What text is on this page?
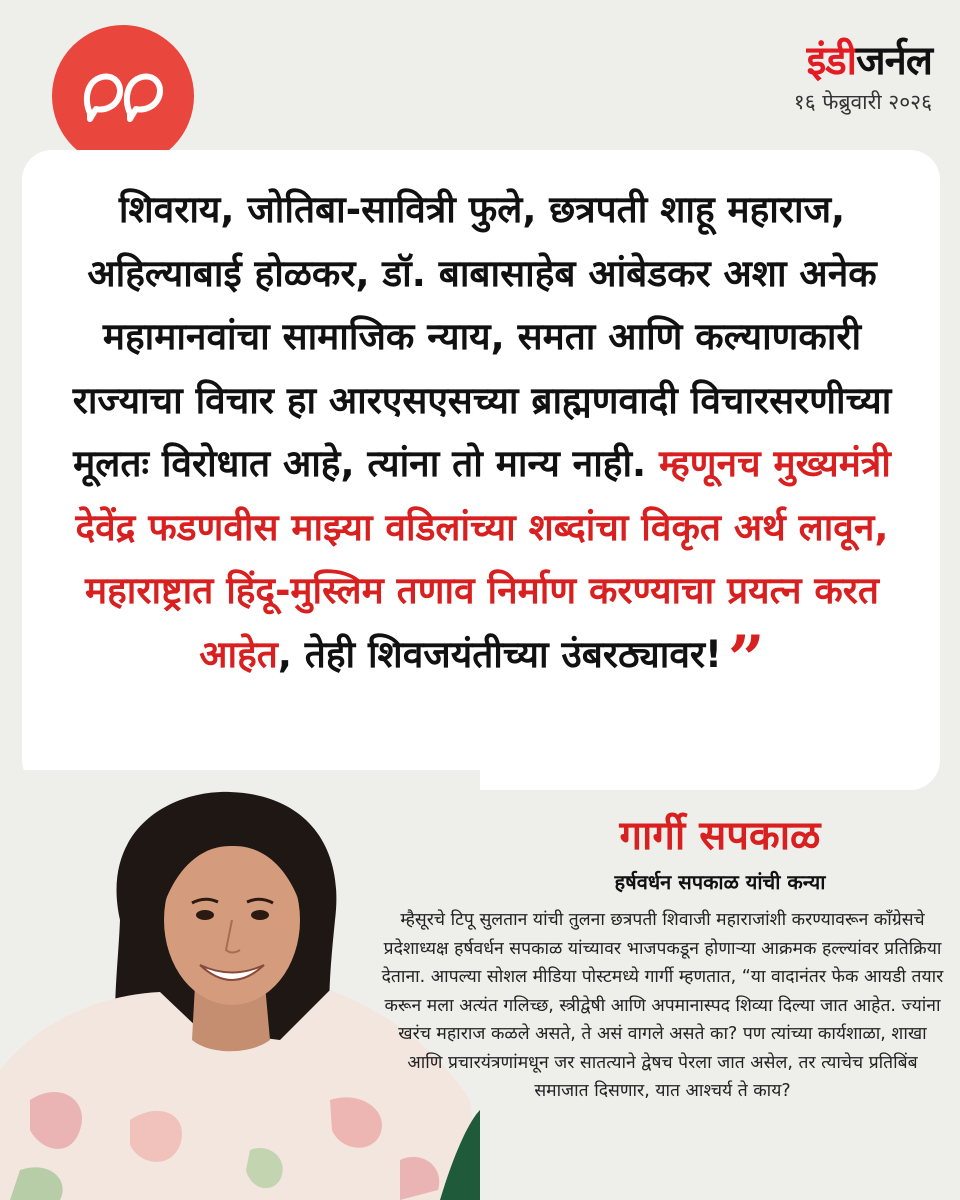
इंडीजर्नल
१६ फेब्रुवारी २०२६
शिवराय, जोतिबा-सावित्री फुले, छत्रपती शाहू महाराज, अहिल्याबाई होळकर, डॉ. बाबासाहेब आंबेडकर अशा अनेक महामानवांचा सामाजिक न्याय, समता आणि कल्याणकारी राज्याचा विचार हा आरएसएसच्या ब्राह्मणवादी विचारसरणीच्या मूलतः विरोधात आहे, त्यांना तो मान्य नाही. म्हणूनच मुख्यमंत्री देवेंद्र फडणवीस माझ्या वडिलांच्या शब्दांचा विकृत अर्थ लावून, महाराष्ट्रात हिंदू-मुस्लिम तणाव निर्माण करण्याचा प्रयत्न करत आहेत, तेही शिवजयंतीच्या उंबरठ्यावर!”
गार्गी सपकाळ
हर्षवर्धन सपकाळ यांची कन्या
म्हैसूरचे टिपू सुलतान यांची तुलना छत्रपती शिवाजी महाराजांशी करण्यावरून काँग्रेसचे प्रदेशाध्यक्ष हर्षवर्धन सपकाळ यांच्यावर भाजपकडून होणाऱ्या आक्रमक हल्ल्यांवर प्रतिक्रिया देताना. आपल्या सोशल मीडिया पोस्टमध्ये गार्गी म्हणतात, “या वादानंतर फेक आयडी तयार करून मला अत्यंत गलिच्छ, स्त्रीद्वेषी आणि अपमानास्पद शिव्या दिल्या जात आहेत. ज्यांना खरंच महाराज कळले असते, ते असं वागले असते का? पण त्यांच्या कार्यशाळा, शाखा आणि प्रचारयंत्रणांमधून जर सातत्याने द्वेषच पेरला जात असेल, तर त्याचेच प्रतिबिंब समाजात दिसणार, यात आश्चर्य ते काय?
